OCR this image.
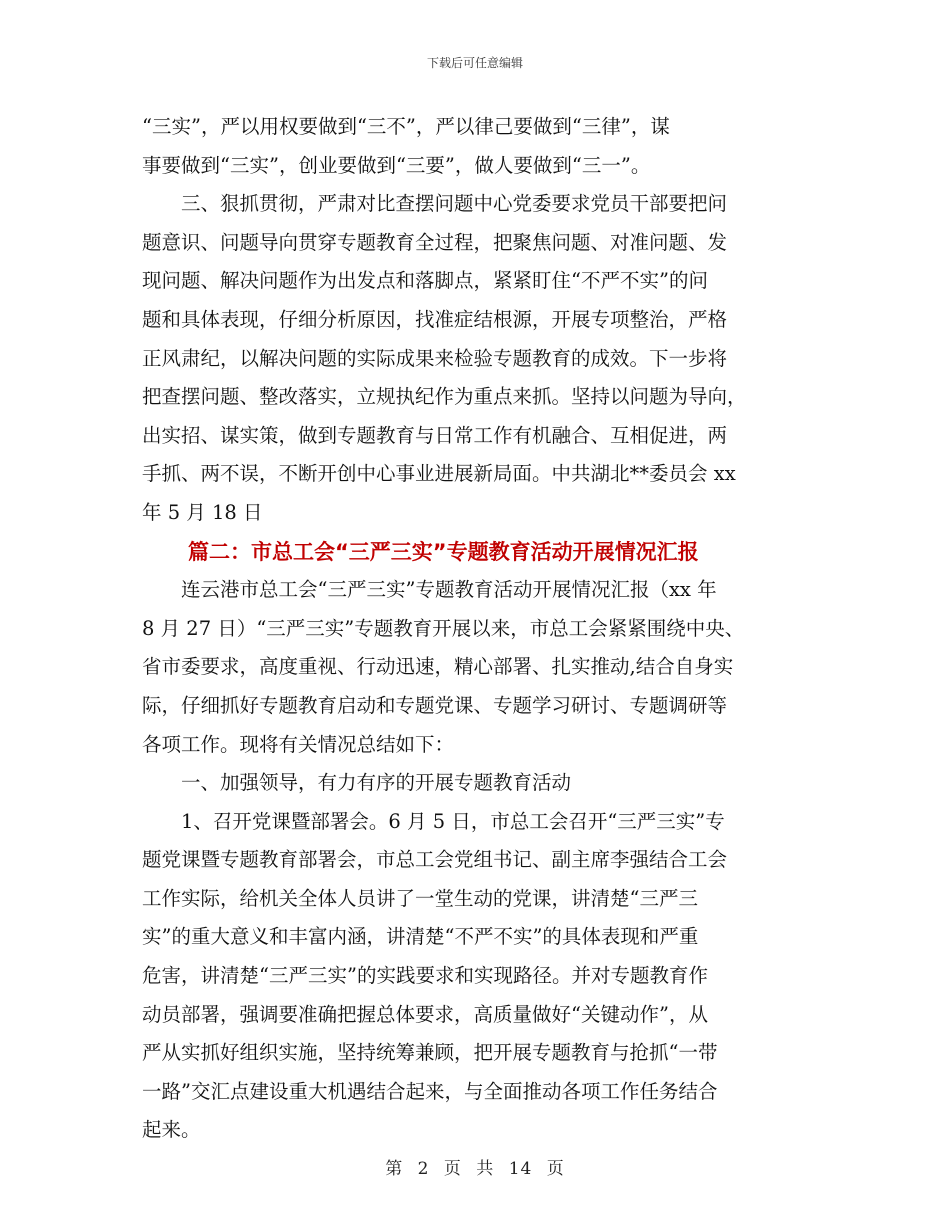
下载后可任意编辑

“三实”，严以用权要做到“三不”，严以律己要做到“三律”，谋
事要做到“三实”，创业要做到“三要”，做人要做到“三一”。

三、狠抓贯彻，严肃对比查摆问题中心党委要求党员干部要把问
题意识、问题导向贯穿专题教育全过程，把聚焦问题、对准问题、发
现问题、解决问题作为出发点和落脚点，紧紧盯住“不严不实”的问
题和具体表现，仔细分析原因，找准症结根源，开展专项整治，严格
正风肃纪，以解决问题的实际成果来检验专题教育的成效。下一步将
把查摆问题、整改落实，立规执纪作为重点来抓。坚持以问题为导向，
出实招、谋实策，做到专题教育与日常工作有机融合、互相促进，两
手抓、两不误，不断开创中心事业进展新局面。中共湖北**委员会 xx
年 5 月 18 日

篇二：市总工会“三严三实”专题教育活动开展情况汇报

连云港市总工会“三严三实”专题教育活动开展情况汇报（xx 年
8 月 27 日）“三严三实”专题教育开展以来，市总工会紧紧围绕中央、
省市委要求，高度重视、行动迅速，精心部署、扎实推动,结合自身实
际，仔细抓好专题教育启动和专题党课、专题学习研讨、专题调研等
各项工作。现将有关情况总结如下：

一、加强领导，有力有序的开展专题教育活动

1、召开党课暨部署会。6 月 5 日，市总工会召开“三严三实”专
题党课暨专题教育部署会，市总工会党组书记、副主席李强结合工会
工作实际，给机关全体人员讲了一堂生动的党课，讲清楚“三严三
实”的重大意义和丰富内涵，讲清楚“不严不实”的具体表现和严重
危害，讲清楚“三严三实”的实践要求和实现路径。并对专题教育作
动员部署，强调要准确把握总体要求，高质量做好“关键动作”，从
严从实抓好组织实施，坚持统筹兼顾，把开展专题教育与抢抓“一带
一路”交汇点建设重大机遇结合起来，与全面推动各项工作任务结合
起来。

第 2 页 共 14 页
